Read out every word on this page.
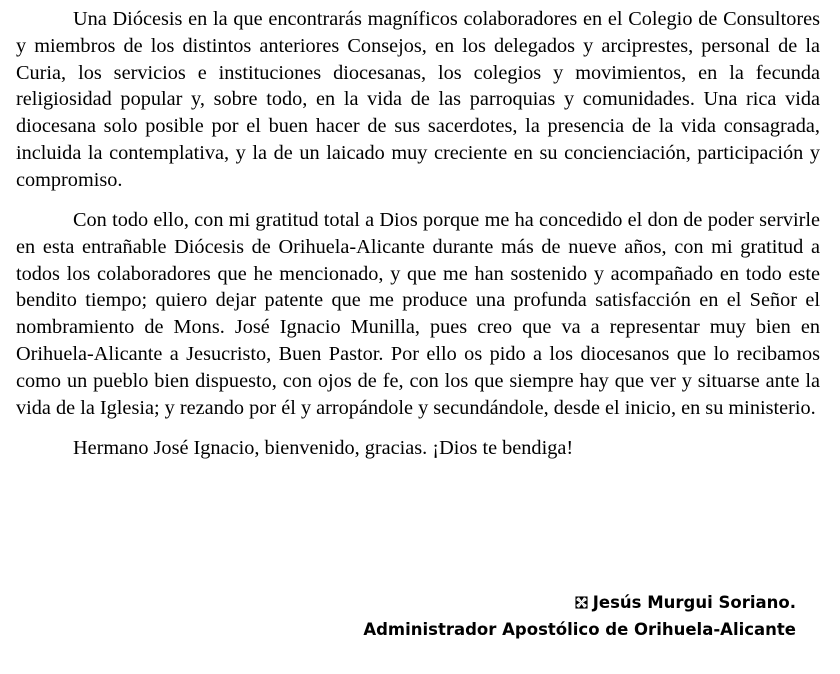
Una Diócesis en la que encontrarás magníficos colaboradores en el Colegio de Consultores y miembros de los distintos anteriores Consejos, en los delegados y arciprestes, personal de la Curia, los servicios e instituciones diocesanas, los colegios y movimientos, en la fecunda religiosidad popular y, sobre todo, en la vida de las parroquias y comunidades. Una rica vida diocesana solo posible por el buen hacer de sus sacerdotes, la presencia de la vida consagrada, incluida la contemplativa, y la de un laicado muy creciente en su concienciación, participación y compromiso.

Con todo ello, con mi gratitud total a Dios porque me ha concedido el don de poder servirle en esta entrañable Diócesis de Orihuela-Alicante durante más de nueve años, con mi gratitud a todos los colaboradores que he mencionado, y que me han sostenido y acompañado en todo este bendito tiempo; quiero dejar patente que me produce una profunda satisfacción en el Señor el nombramiento de Mons. José Ignacio Munilla, pues creo que va a representar muy bien en Orihuela-Alicante a Jesucristo, Buen Pastor. Por ello os pido a los diocesanos que lo recibamos como un pueblo bien dispuesto, con ojos de fe, con los que siempre hay que ver y situarse ante la vida de la Iglesia; y rezando por él y arropándole y secundándole, desde el inicio, en su ministerio.

Hermano José Ignacio, bienvenido, gracias. ¡Dios te bendiga!

Jesús Murgui Soriano.
Administrador Apostólico de Orihuela-Alicante
